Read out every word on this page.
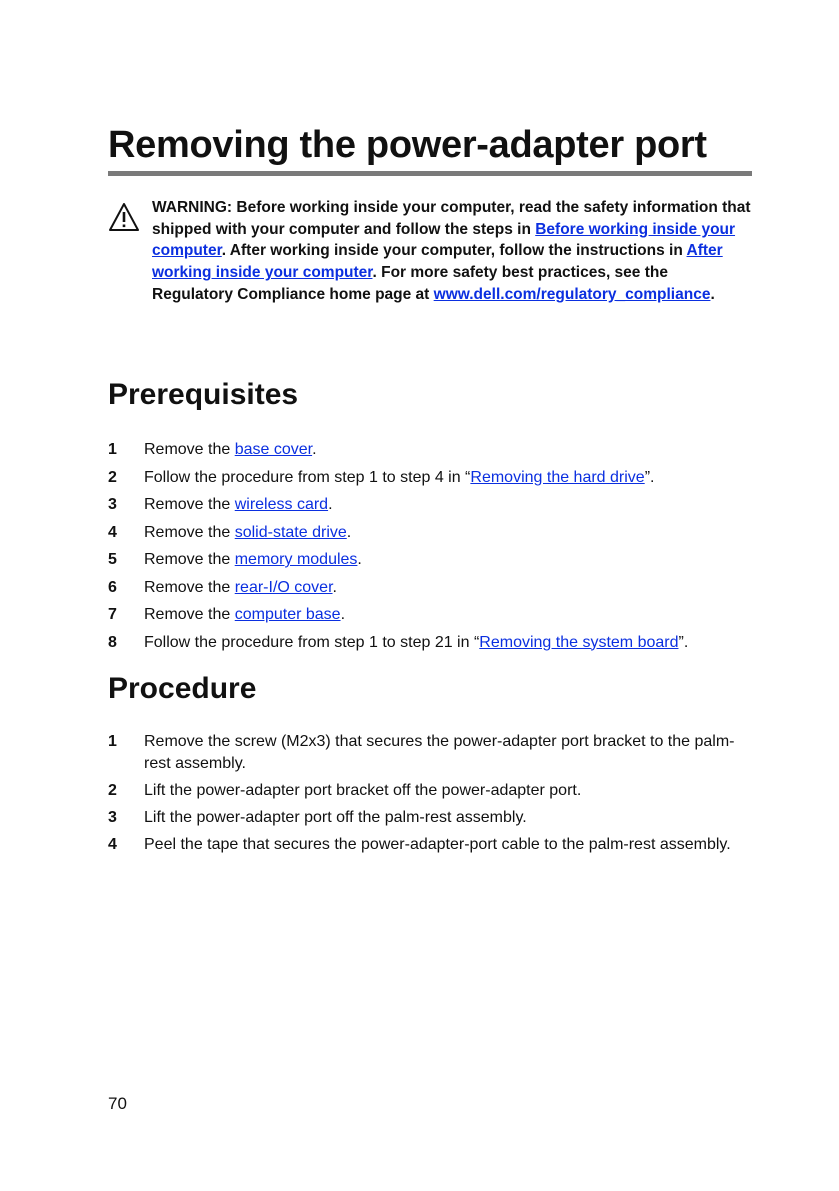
Removing the power-adapter port
WARNING: Before working inside your computer, read the safety information that shipped with your computer and follow the steps in Before working inside your computer. After working inside your computer, follow the instructions in After working inside your computer. For more safety best practices, see the Regulatory Compliance home page at www.dell.com/regulatory_compliance.
Prerequisites
1 Remove the base cover.
2 Follow the procedure from step 1 to step 4 in “Removing the hard drive”.
3 Remove the wireless card.
4 Remove the solid-state drive.
5 Remove the memory modules.
6 Remove the rear-I/O cover.
7 Remove the computer base.
8 Follow the procedure from step 1 to step 21 in “Removing the system board”.
Procedure
1 Remove the screw (M2x3) that secures the power-adapter port bracket to the palm-rest assembly.
2 Lift the power-adapter port bracket off the power-adapter port.
3 Lift the power-adapter port off the palm-rest assembly.
4 Peel the tape that secures the power-adapter-port cable to the palm-rest assembly.
70
